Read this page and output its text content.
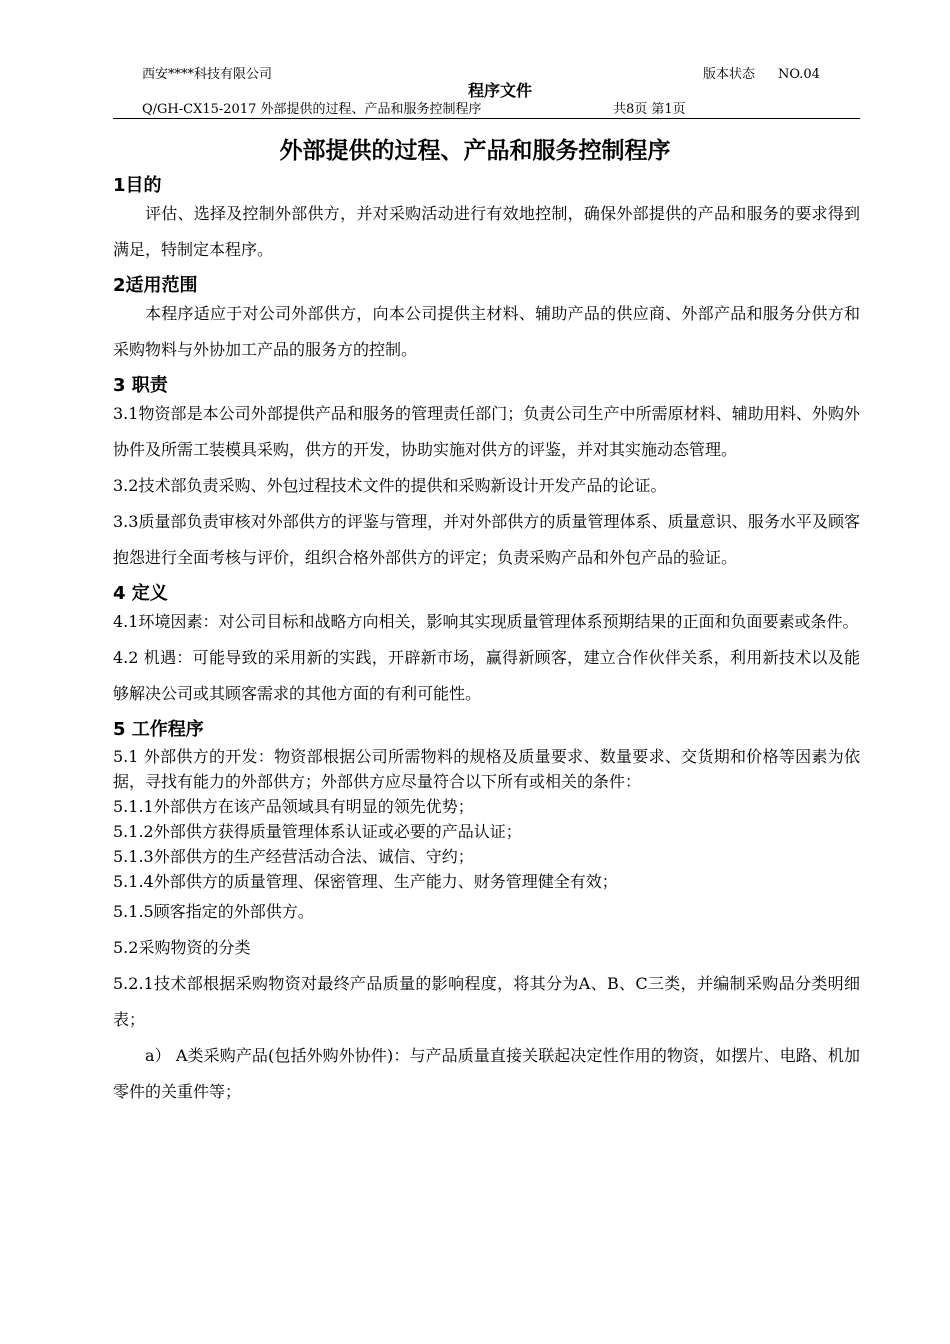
西安****科技有限公司	版本状态 NO.04
程序文件
Q/GH-CX15-2017 外部提供的过程、产品和服务控制程序	共8页 第1页
外部提供的过程、产品和服务控制程序
1目的

评估、选择及控制外部供方，并对采购活动进行有效地控制，确保外部提供的产品和服务的要求得到满足，特制定本程序。

2适用范围

本程序适应于对公司外部供方，向本公司提供主材料、辅助产品的供应商、外部产品和服务分供方和采购物料与外协加工产品的服务方的控制。

3 职责

3.1物资部是本公司外部提供产品和服务的管理责任部门；负责公司生产中所需原材料、辅助用料、外购外协件及所需工装模具采购，供方的开发，协助实施对供方的评鉴，并对其实施动态管理。

3.2技术部负责采购、外包过程技术文件的提供和采购新设计开发产品的论证。

3.3质量部负责审核对外部供方的评鉴与管理，并对外部供方的质量管理体系、质量意识、服务水平及顾客抱怨进行全面考核与评价，组织合格外部供方的评定；负责采购产品和外包产品的验证。

4 定义

4.1环境因素：对公司目标和战略方向相关，影响其实现质量管理体系预期结果的正面和负面要素或条件。

4.2 机遇：可能导致的采用新的实践，开辟新市场，赢得新顾客，建立合作伙伴关系，利用新技术以及能够解决公司或其顾客需求的其他方面的有利可能性。

5 工作程序

5.1 外部供方的开发：物资部根据公司所需物料的规格及质量要求、数量要求、交货期和价格等因素为依据，寻找有能力的外部供方；外部供方应尽量符合以下所有或相关的条件：

5.1.1外部供方在该产品领域具有明显的领先优势；

5.1.2外部供方获得质量管理体系认证或必要的产品认证；

5.1.3外部供方的生产经营活动合法、诚信、守约；

5.1.4外部供方的质量管理、保密管理、生产能力、财务管理健全有效；

5.1.5顾客指定的外部供方。

5.2采购物资的分类

5.2.1技术部根据采购物资对最终产品质量的影响程度，将其分为A、B、C三类，并编制采购品分类明细表；

a） A类采购产品(包括外购外协件)：与产品质量直接关联起决定性作用的物资，如摆片、电路、机加零件的关重件等；
